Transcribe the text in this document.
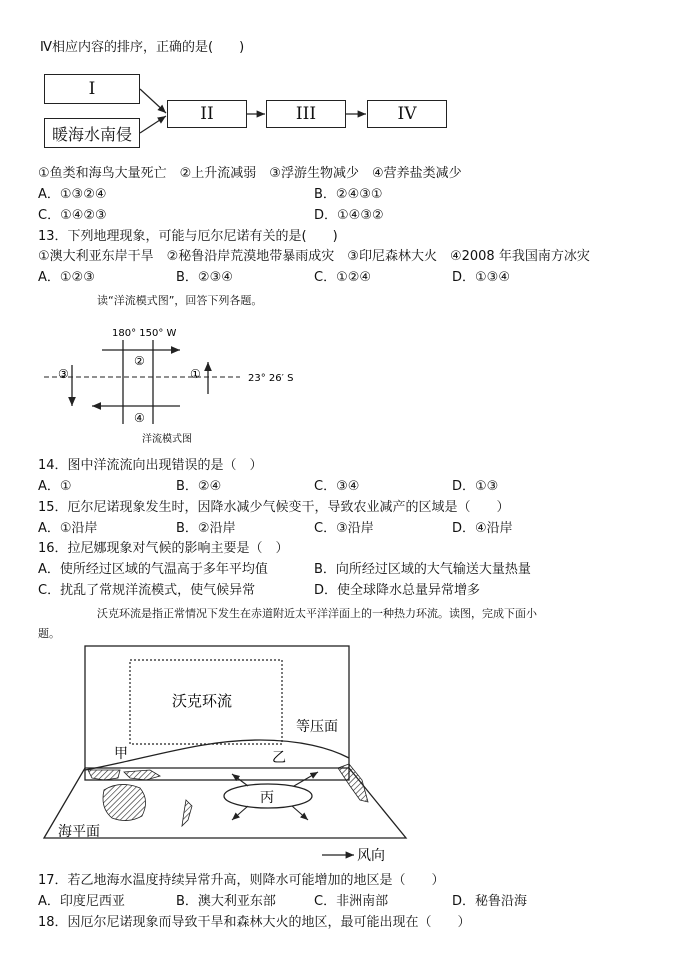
Ⅳ相应内容的排序，正确的是(　　)
I
暖海水南侵
II	III	IV
①鱼类和海鸟大量死亡　②上升流减弱　③浮游生物减少　④营养盐类减少
A．①③②④	B．②④③①
C．①④②③	D．①④③②
13．下列地理现象，可能与厄尔尼诺有关的是(　　)
①澳大利亚东岸干旱　②秘鲁沿岸荒漠地带暴雨成灾　③印尼森林大火　④2008 年我国南方冰灾
A．①②③	B．②③④	C．①②④	D．①③④
读“洋流模式图”，回答下列各题。
180° 150° W
②
③	①
④
23° 26′ S
洋流模式图
14．图中洋流流向出现错误的是（　）
A．①	B．②④	C．③④	D．①③
15．厄尔尼诺现象发生时，因降水减少气候变干，导致农业减产的区域是（　　）
A．①沿岸	B．②沿岸	C．③沿岸	D．④沿岸
16．拉尼娜现象对气候的影响主要是（　）
A．使所经过区域的气温高于多年平均值	B．向所经过区域的大气输送大量热量
C．扰乱了常规洋流模式，使气候异常	D．使全球降水总量异常增多
沃克环流是指正常情况下发生在赤道附近太平洋洋面上的一种热力环流。读图，完成下面小
题。
沃克环流
等压面
甲	乙
丙
海平面
风向
17．若乙地海水温度持续异常升高，则降水可能增加的地区是（　　）
A．印度尼西亚	B．澳大利亚东部	C．非洲南部	D．秘鲁沿海
18．因厄尔尼诺现象而导致干旱和森林大火的地区，最可能出现在（　　）
